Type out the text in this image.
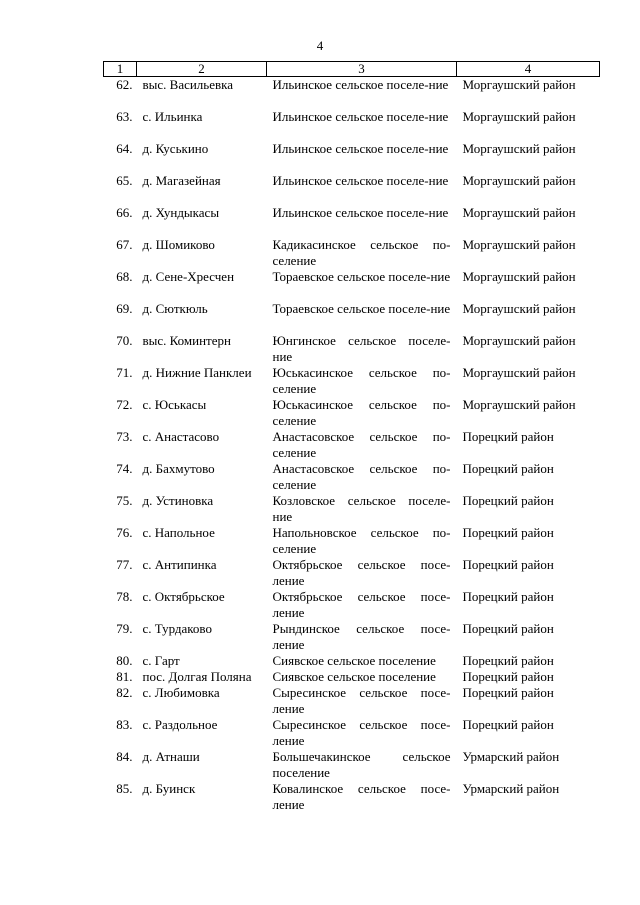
4
1	2	3	4
62.	выс. Васильевка	Ильинское сельское поселе-ние	Моргаушский район
63.	с. Ильинка	Ильинское сельское поселе-ние	Моргаушский район
64.	д. Куськино	Ильинское сельское поселе-ние	Моргаушский район
65.	д. Магазейная	Ильинское сельское поселе-ние	Моргаушский район
66.	д. Хундыкасы	Ильинское сельское поселе-ние	Моргаушский район
67.	д. Шомиково	Кадикасинское сельское по-селение	Моргаушский район
68.	д. Сене-Хресчен	Тораевское сельское поселе-ние	Моргаушский район
69.	д. Сюткюль	Тораевское сельское поселе-ние	Моргаушский район
70.	выс. Коминтерн	Юнгинское сельское поселе-ние	Моргаушский район
71.	д. Нижние Панклеи	Юськасинское сельское по-селение	Моргаушский район
72.	с. Юськасы	Юськасинское сельское по-селение	Моргаушский район
73.	с. Анастасово	Анастасовское сельское по-селение	Порецкий район
74.	д. Бахмутово	Анастасовское сельское по-селение	Порецкий район
75.	д. Устиновка	Козловское сельское поселе-ние	Порецкий район
76.	с. Напольное	Напольновское сельское по-селение	Порецкий район
77.	с. Антипинка	Октябрьское сельское посе-ление	Порецкий район
78.	с. Октябрьское	Октябрьское сельское посе-ление	Порецкий район
79.	с. Турдаково	Рындинское сельское посе-ление	Порецкий район
80.	с. Гарт	Сиявское сельское поселение	Порецкий район
81.	пос. Долгая Поляна	Сиявское сельское поселение	Порецкий район
82.	с. Любимовка	Сыресинское сельское посе-ление	Порецкий район
83.	с. Раздольное	Сыресинское сельское посе-ление	Порецкий район
84.	д. Атнаши	Большечакинское сельское поселение	Урмарский район
85.	д. Буинск	Ковалинское сельское посе-ление	Урмарский район
